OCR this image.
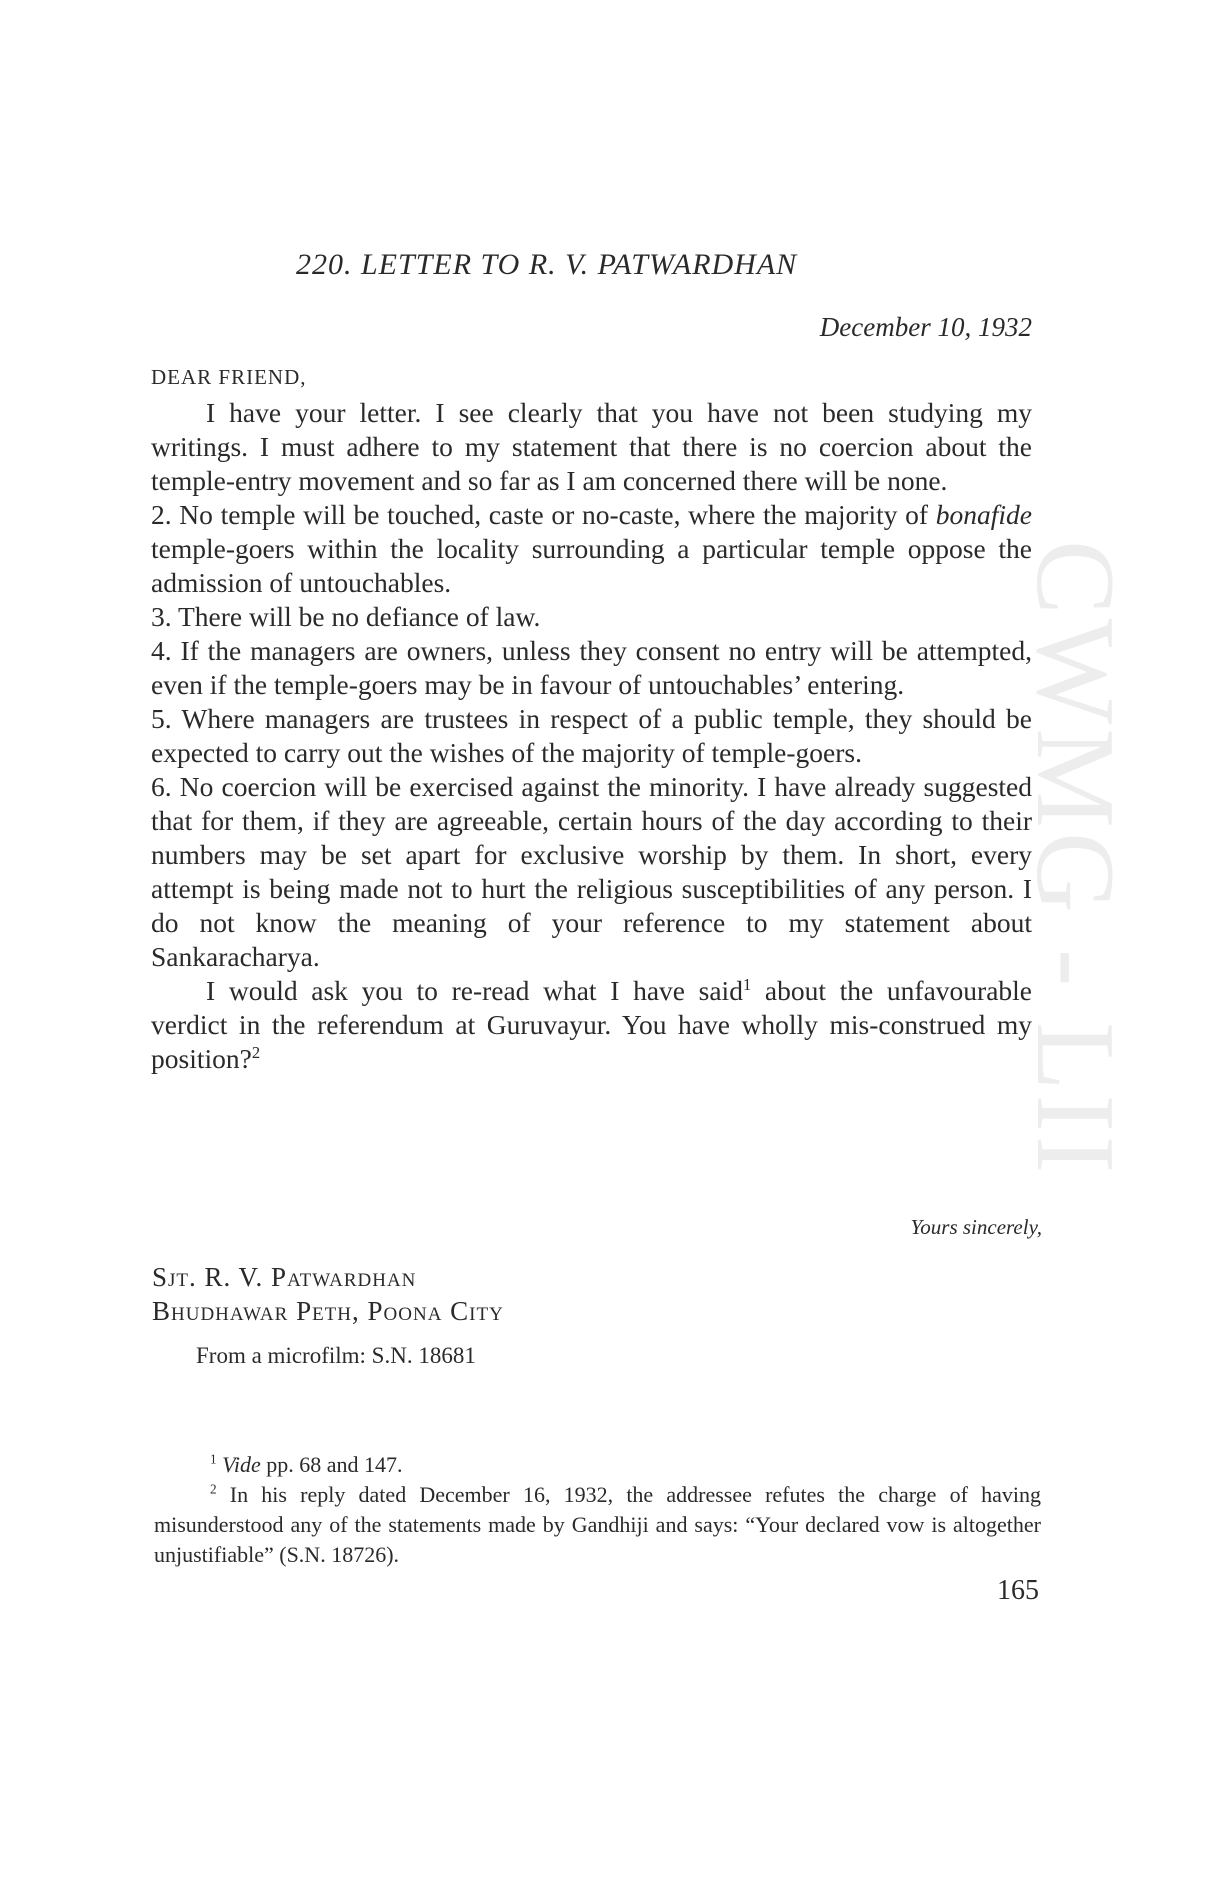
CWMG - LII
220. LETTER TO R. V. PATWARDHAN
December 10, 1932
DEAR FRIEND,

I have your letter. I see clearly that you have not been studying my writings. I must adhere to my statement that there is no coercion about the temple-entry movement and so far as I am concerned there will be none.

2. No temple will be touched, caste or no-caste, where the majority of bonafide temple-goers within the locality surrounding a particular temple oppose the admission of untouchables.

3. There will be no defiance of law.

4. If the managers are owners, unless they consent no entry will be attempted, even if the temple-goers may be in favour of untouchables’ entering.

5. Where managers are trustees in respect of a public temple, they should be expected to carry out the wishes of the majority of temple-goers.

6. No coercion will be exercised against the minority. I have already suggested that for them, if they are agreeable, certain hours of the day according to their numbers may be set apart for exclusive worship by them. In short, every attempt is being made not to hurt the religious susceptibilities of any person. I do not know the meaning of your reference to my statement about Sankaracharya.

I would ask you to re-read what I have said$^1$ about the unfavourable verdict in the referendum at Guruvayur. You have wholly mis-construed my position?$^2$

Yours sincerely,
Sjt. R. V. Patwardhan
Bhudhawar Peth, Poona City
From a microfilm: S.N. 18681

$^1$ Vide pp. 68 and 147.

$^2$ In his reply dated December 16, 1932, the addressee refutes the charge of having misunderstood any of the statements made by Gandhiji and says: “Your declared vow is altogether unjustifiable” (S.N. 18726).

165
